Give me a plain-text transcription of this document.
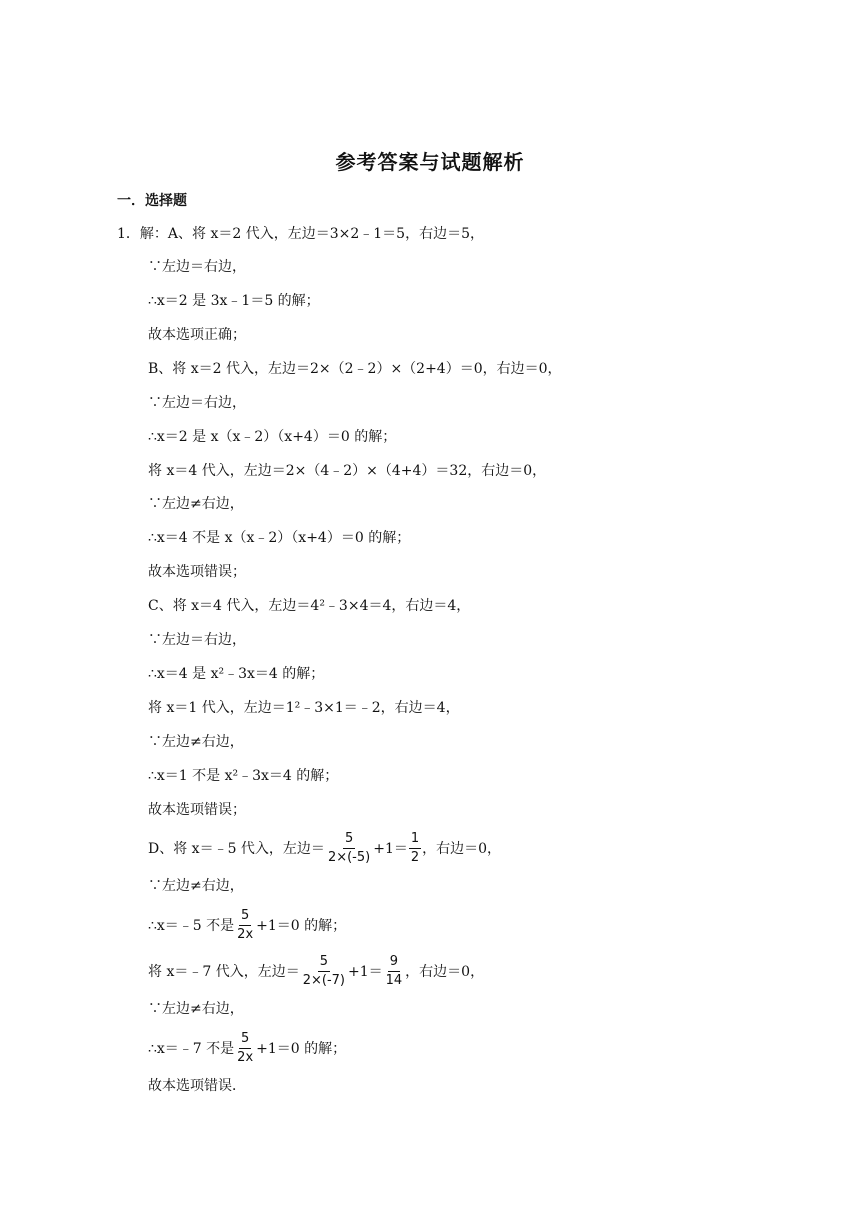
参考答案与试题解析
一．选择题
1．解：A、将 x＝2 代入，左边＝3×2﹣1＝5，右边＝5，
∵左边＝右边，
∴x＝2 是 3x﹣1＝5 的解；
故本选项正确；
B、将 x＝2 代入，左边＝2×（2﹣2）×（2+4）＝0，右边＝0，
∵左边＝右边，
∴x＝2 是 x（x﹣2）（x+4）＝0 的解；
将 x＝4 代入，左边＝2×（4﹣2）×（4+4）＝32，右边＝0，
∵左边≠右边，
∴x＝4 不是 x（x﹣2）（x+4）＝0 的解；
故本选项错误；
C、将 x＝4 代入，左边＝4²﹣3×4＝4，右边＝4，
∵左边＝右边，
∴x＝4 是 x²﹣3x＝4 的解；
将 x＝1 代入，左边＝1²﹣3×1＝﹣2，右边＝4，
∵左边≠右边，
∴x＝1 不是 x²﹣3x＝4 的解；
故本选项错误；
D、将 x＝﹣5 代入，左边＝ $\frac{5}{2\times(-5)} +1= \frac{1}{2}$ ，右边＝0，
∵左边≠右边，
∴x＝﹣5 不是 $\frac{5}{2x} +1=0$ 的解；
将 x＝﹣7 代入，左边＝ $\frac{5}{2\times(-7)} +1= \frac{9}{14}$ ，右边＝0，
∵左边≠右边，
∴x＝﹣7 不是 $\frac{5}{2x} +1=0$ 的解；
故本选项错误．
